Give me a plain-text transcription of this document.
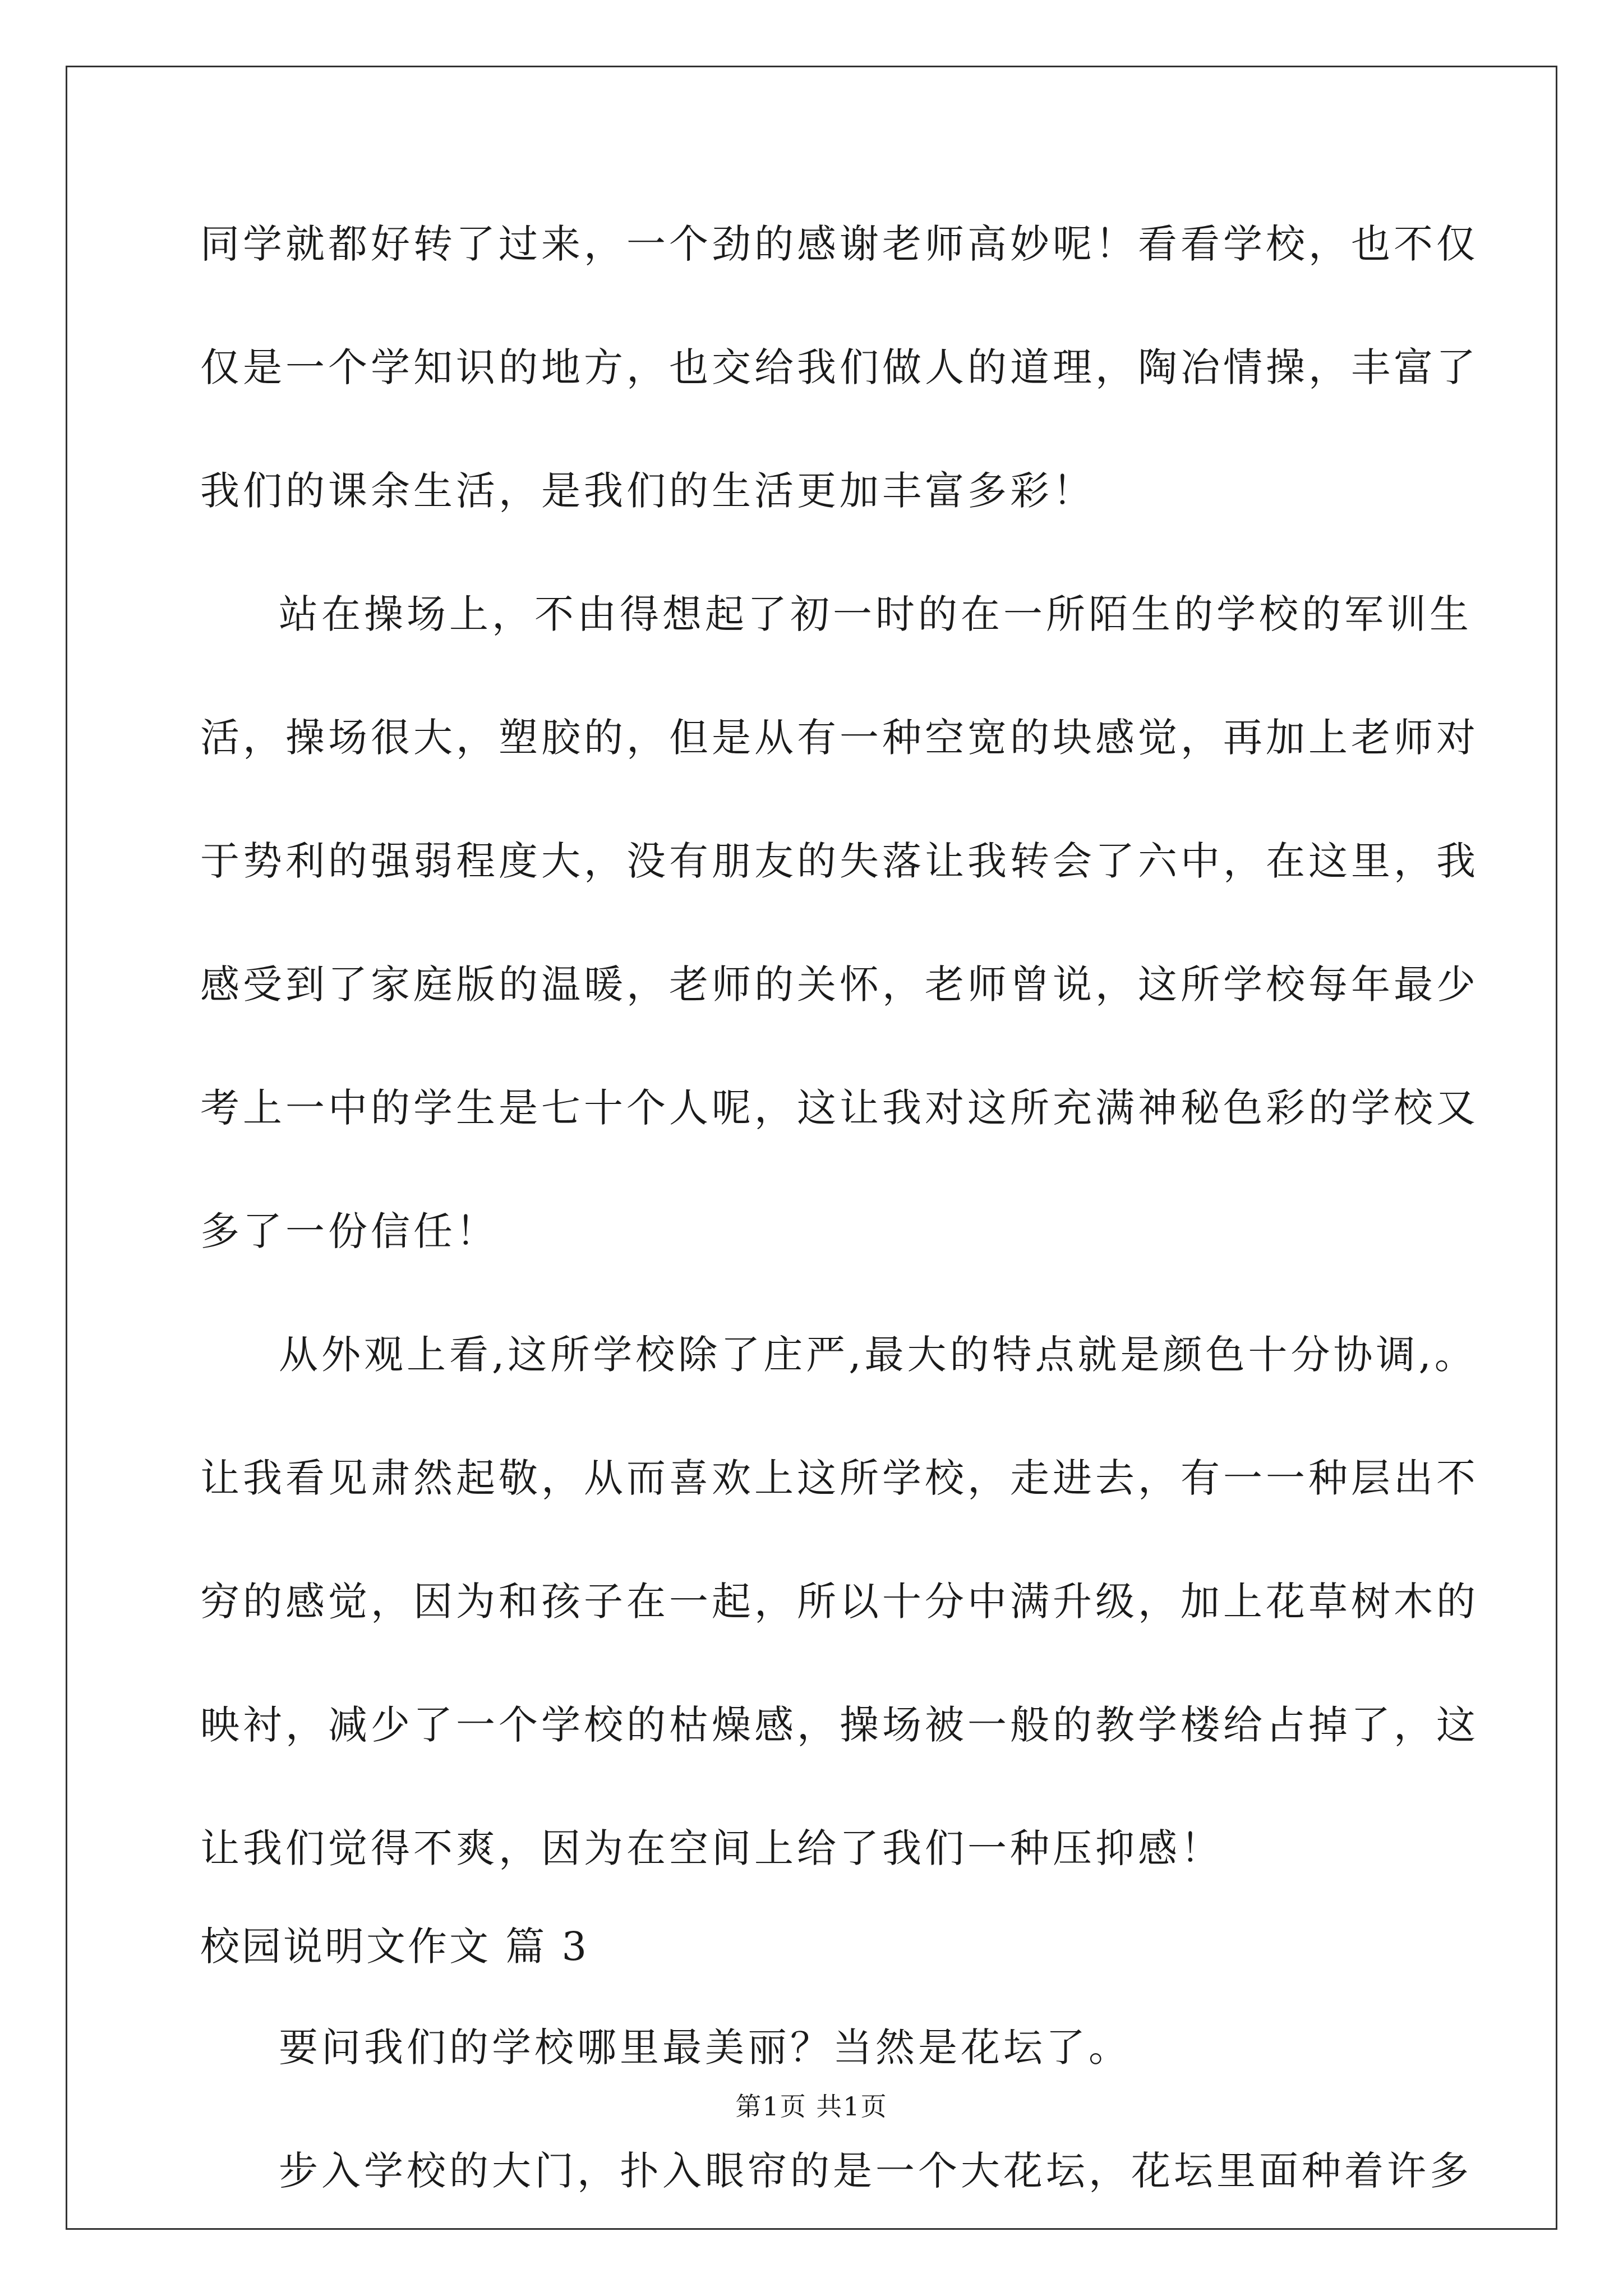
同学就都好转了过来，一个劲的感谢老师高妙呢！看看学校，也不仅
仅是一个学知识的地方，也交给我们做人的道理，陶冶情操，丰富了
我们的课余生活，是我们的生活更加丰富多彩！
站在操场上，不由得想起了初一时的在一所陌生的学校的军训生
活，操场很大，塑胶的，但是从有一种空宽的块感觉，再加上老师对
于势利的强弱程度大，没有朋友的失落让我转会了六中，在这里，我
感受到了家庭版的温暖，老师的关怀，老师曾说，这所学校每年最少
考上一中的学生是七十个人呢，这让我对这所充满神秘色彩的学校又
多了一份信任！
从外观上看,这所学校除了庄严,最大的特点就是颜色十分协调,。
让我看见肃然起敬，从而喜欢上这所学校，走进去，有一一种层出不
穷的感觉，因为和孩子在一起，所以十分中满升级，加上花草树木的
映衬，减少了一个学校的枯燥感，操场被一般的教学楼给占掉了，这
让我们觉得不爽，因为在空间上给了我们一种压抑感！
校园说明文作文 篇 3
要问我们的学校哪里最美丽？当然是花坛了。
步入学校的大门，扑入眼帘的是一个大花坛，花坛里面种着许多
第1页 共1页
